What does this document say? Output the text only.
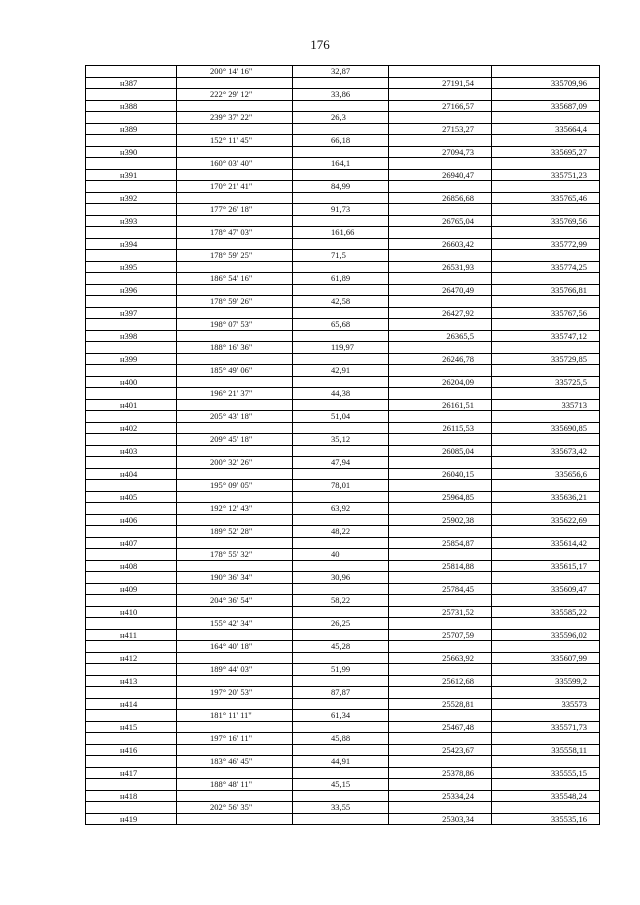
176
200° 14' 16"	32,87
н387	27191,54	335709,96
222° 29' 12"	33,86
н388	27166,57	335687,09
239° 37' 22"	26,3
н389	27153,27	335664,4
152° 11' 45"	66,18
н390	27094,73	335695,27
160° 03' 40"	164,1
н391	26940,47	335751,23
170° 21' 41"	84,99
н392	26856,68	335765,46
177° 26' 18"	91,73
н393	26765,04	335769,56
178° 47' 03"	161,66
н394	26603,42	335772,99
178° 59' 25"	71,5
н395	26531,93	335774,25
186° 54' 16"	61,89
н396	26470,49	335766,81
178° 59' 26"	42,58
н397	26427,92	335767,56
198° 07' 53"	65,68
н398	26365,5	335747,12
188° 16' 36"	119,97
н399	26246,78	335729,85
185° 49' 06"	42,91
н400	26204,09	335725,5
196° 21' 37"	44,38
н401	26161,51	335713
205° 43' 18"	51,04
н402	26115,53	335690,85
209° 45' 18"	35,12
н403	26085,04	335673,42
200° 32' 26"	47,94
н404	26040,15	335656,6
195° 09' 05"	78,01
н405	25964,85	335636,21
192° 12' 43"	63,92
н406	25902,38	335622,69
189° 52' 28"	48,22
н407	25854,87	335614,42
178° 55' 32"	40
н408	25814,88	335615,17
190° 36' 34"	30,96
н409	25784,45	335609,47
204° 36' 54"	58,22
н410	25731,52	335585,22
155° 42' 34"	26,25
н411	25707,59	335596,02
164° 40' 18"	45,28
н412	25663,92	335607,99
189° 44' 03"	51,99
н413	25612,68	335599,2
197° 20' 53"	87,87
н414	25528,81	335573
181° 11' 11"	61,34
н415	25467,48	335571,73
197° 16' 11"	45,88
н416	25423,67	335558,11
183° 46' 45"	44,91
н417	25378,86	335555,15
188° 48' 11"	45,15
н418	25334,24	335548,24
202° 56' 35"	33,55
н419	25303,34	335535,16
